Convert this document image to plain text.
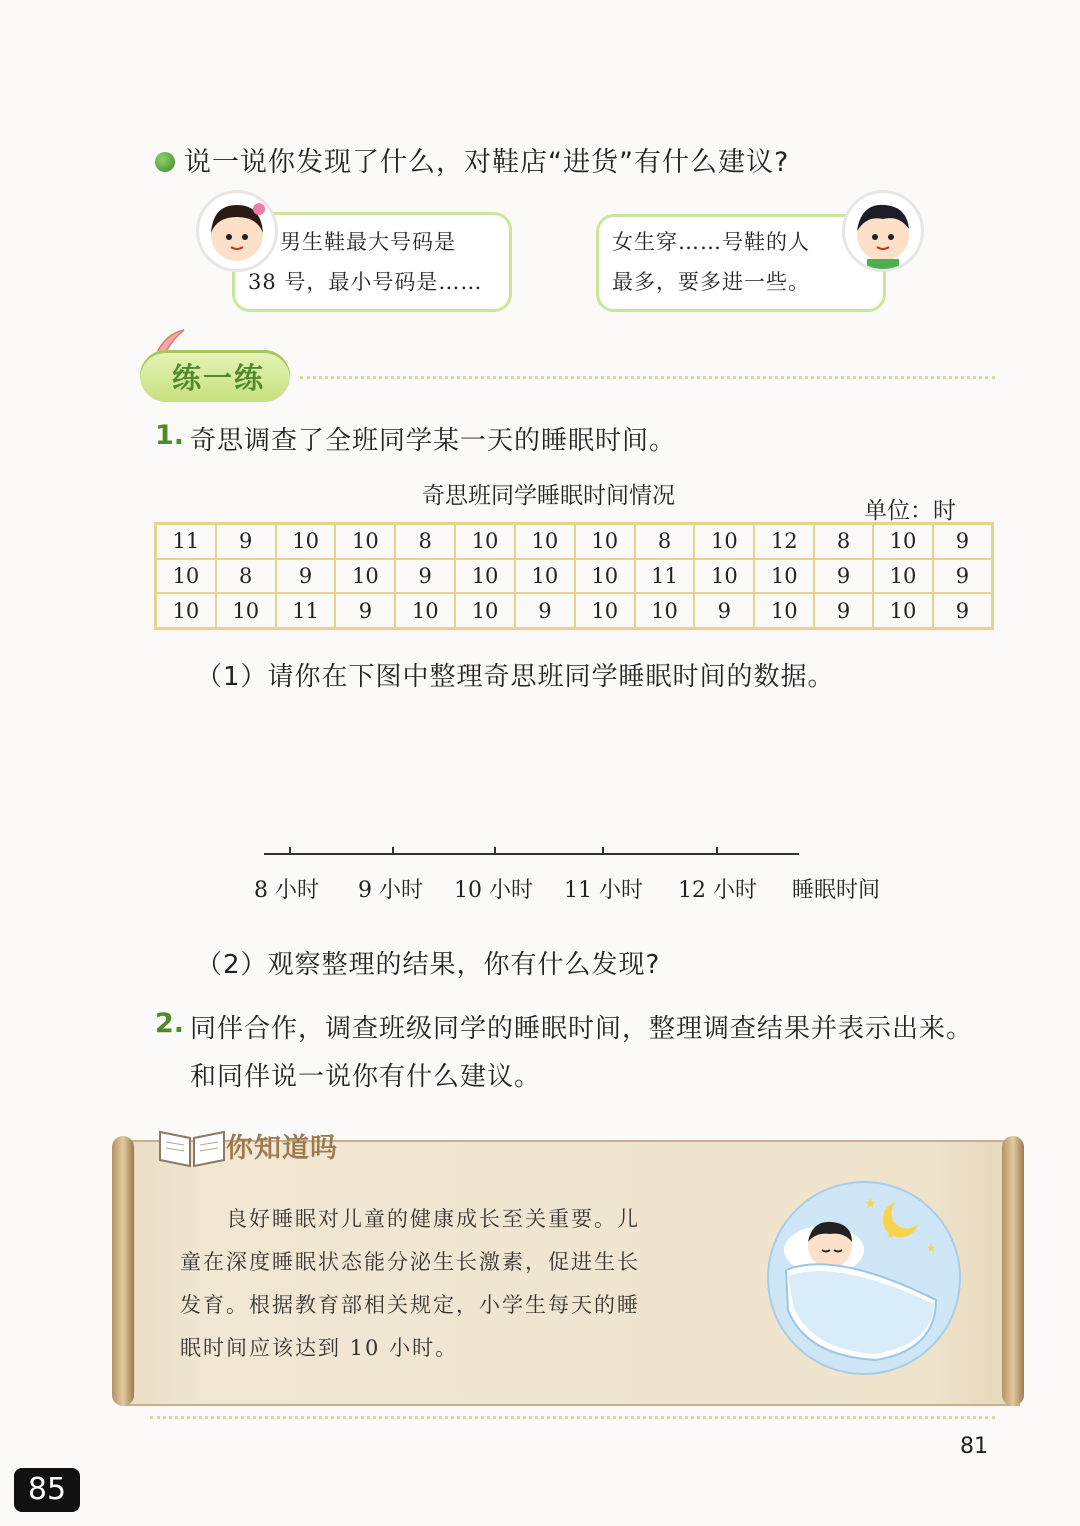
说一说你发现了什么，对鞋店“进货”有什么建议?
男生鞋最大号码是
38 号，最小号码是……
女生穿……号鞋的人
最多，要多进一些。
练一练
1. 奇思调查了全班同学某一天的睡眠时间。
奇思班同学睡眠时间情况
单位：时
11	9	10	10	8	10	10	10	8	10	12	8	10	9
10	8	9	10	9	10	10	10	11	10	10	9	10	9
10	10	11	9	10	10	9	10	10	9	10	9	10	9
（1）请你在下图中整理奇思班同学睡眠时间的数据。
8 小时 9 小时 10 小时 11 小时 12 小时 睡眠时间
（2）观察整理的结果，你有什么发现?
2. 同伴合作，调查班级同学的睡眠时间，整理调查结果并表示出来。
和同伴说一说你有什么建议。
你知道吗
　　良好睡眠对儿童的健康成长至关重要。儿
童在深度睡眠状态能分泌生长激素，促进生长
发育。根据教育部相关规定，小学生每天的睡
眠时间应该达到 10 小时。
★
★
★
81
85
